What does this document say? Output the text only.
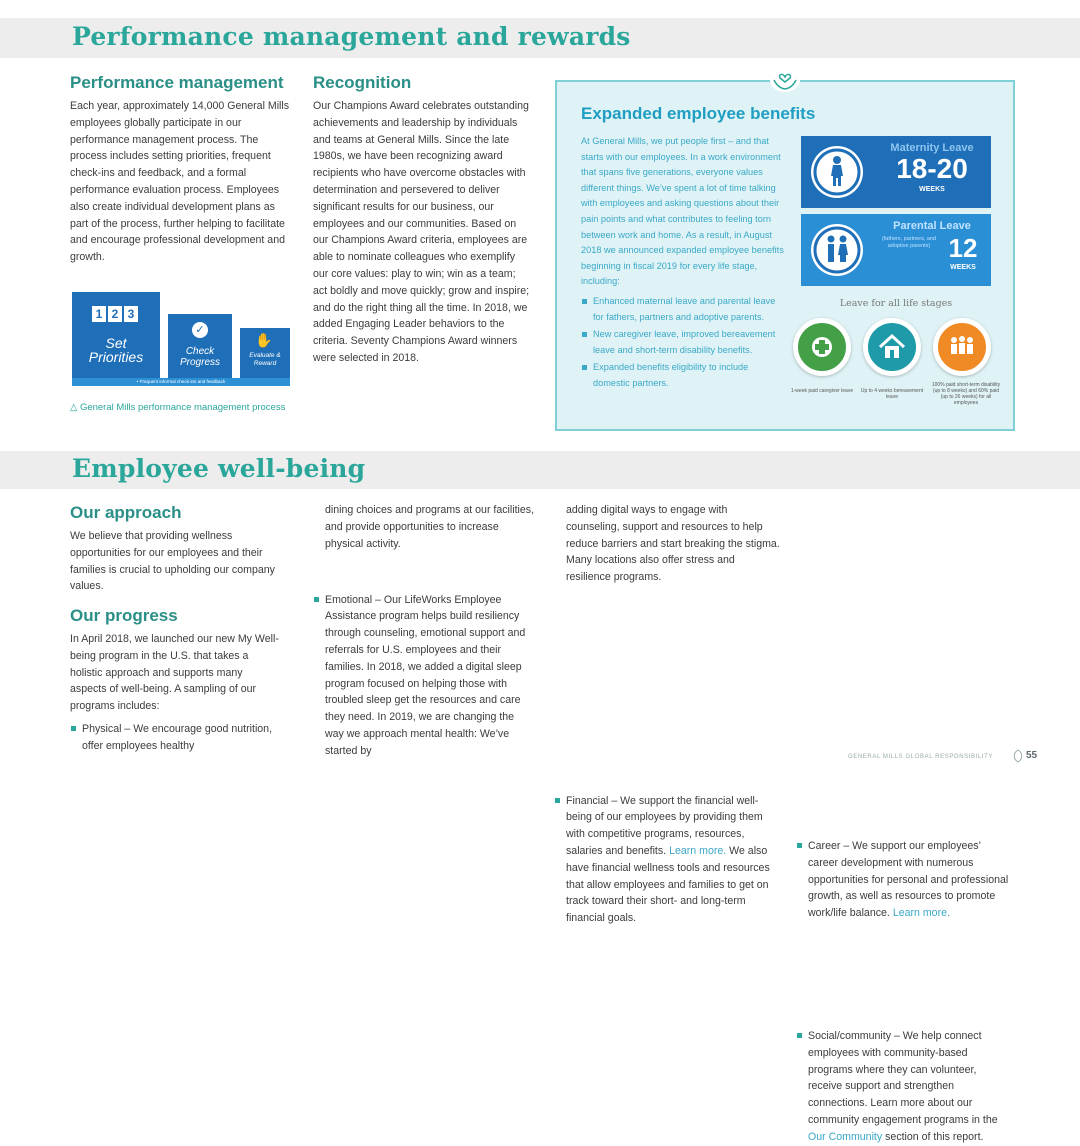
Performance management and rewards
Performance management
Each year, approximately 14,000 General Mills employees globally participate in our performance management process. The process includes setting priorities, frequent check-ins and feedback, and a formal performance evaluation process. Employees also create individual development plans as part of the process, further helping to facilitate and encourage professional development and growth.
1 2 3
Set
Priorities
✓
Check
Progress
✋
Evaluate &
Reward
• Frequent informal check-ins and feedback
△ General Mills performance management process
Recognition
Our Champions Award celebrates outstanding achievements and leadership by individuals and teams at General Mills. Since the late 1980s, we have been recognizing award recipients who have overcome obstacles with determination and persevered to deliver significant results for our business, our employees and our communities. Based on our Champions Award criteria, employees are able to nominate colleagues who exemplify our core values: play to win; win as a team; act boldly and move quickly; grow and inspire; and do the right thing all the time. In 2018, we added Engaging Leader behaviors to the criteria. Seventy Champions Award winners were selected in 2018.
Expanded employee benefits
At General Mills, we put people first – and that starts with our employees. In a work environment that spans five generations, everyone values different things. We’ve spent a lot of time talking with employees and asking questions about their pain points and what contributes to feeling torn between work and home. As a result, in August 2018 we announced expanded employee benefits beginning in fiscal 2019 for every life stage, including:
Enhanced maternal leave and parental leave for fathers, partners and adoptive parents.
New caregiver leave, improved bereavement leave and short-term disability benefits.
Expanded benefits eligibility to include domestic partners.
Maternity Leave
18-20
WEEKS
Parental Leave
(fathers, partners, and adoptive parents) 12
WEEKS
Leave for all life stages
1-week paid caregiver leave	Up to 4 weeks bereavement leave
100% paid short-term disability (up to 8 weeks) and 60% paid (up to 26 weeks) for all employees
Employee well-being
Our approach
We believe that providing wellness opportunities for our employees and their families is crucial to upholding our company values.
Our progress
In April 2018, we launched our new My Well-being program in the U.S. that takes a holistic approach and supports many aspects of well-being. A sampling of our programs includes:
Physical – We encourage good nutrition, offer employees healthy
dining choices and programs at our facilities, and provide opportunities to increase physical activity.
Emotional – Our LifeWorks Employee Assistance program helps build resiliency through counseling, emotional support and referrals for U.S. employees and their families. In 2018, we added a digital sleep program focused on helping those with troubled sleep get the resources and care they need. In 2019, we are changing the way we approach mental health: We’ve started by
adding digital ways to engage with counseling, support and resources to help reduce barriers and start breaking the stigma. Many locations also offer stress and resilience programs.
Financial – We support the financial well-being of our employees by providing them with competitive programs, resources, salaries and benefits. Learn more. We also have financial wellness tools and resources that allow employees and families to get on track toward their short- and long-term financial goals.
Career – We support our employees’ career development with numerous opportunities for personal and professional growth, as well as resources to promote work/life balance. Learn more.
Social/community – We help connect employees with community-based programs where they can volunteer, receive support and strengthen connections. Learn more about our community engagement programs in the Our Community section of this report.
GENERAL MILLS GLOBAL RESPONSIBILITY	55
